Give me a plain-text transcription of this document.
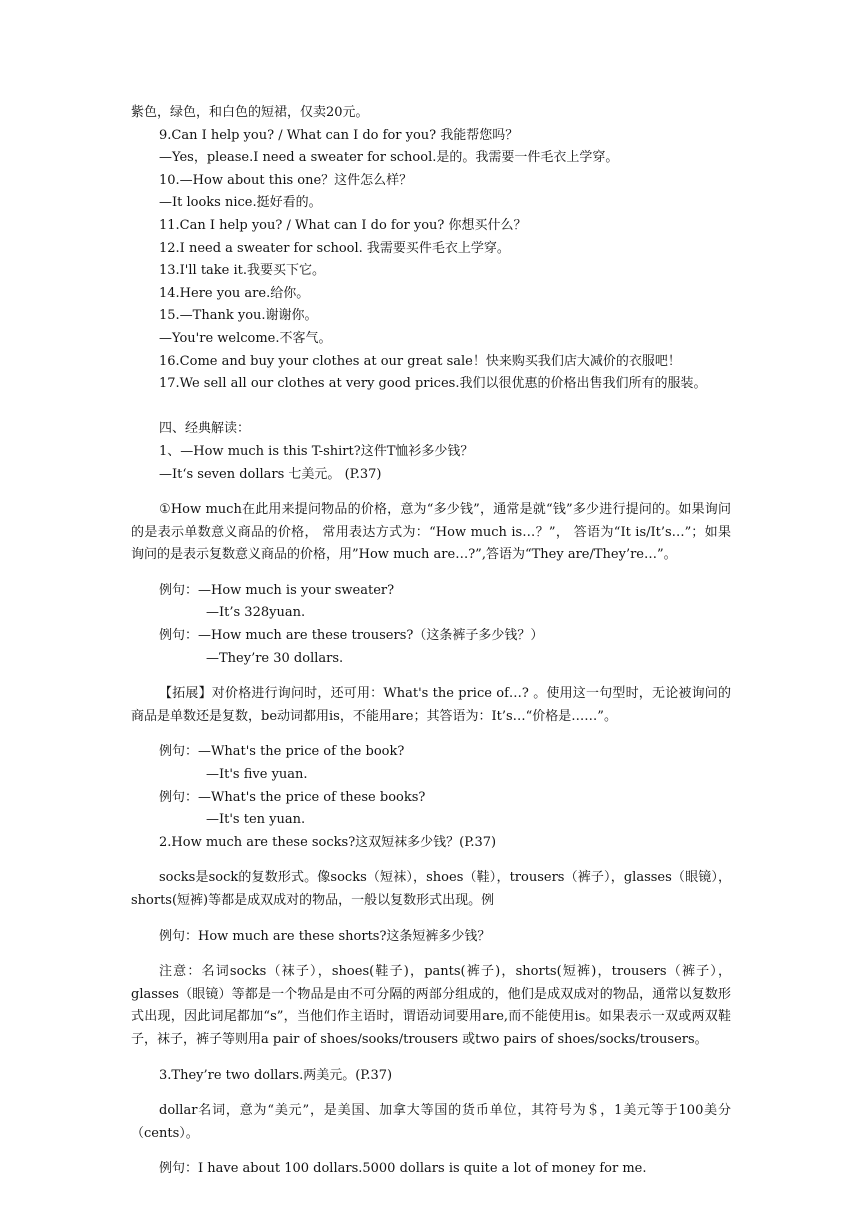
紫色，绿色，和白色的短裙，仅卖20元。

9.Can I help you? / What can I do for you? 我能帮您吗？

—Yes，please.I need a sweater for school.是的。我需要一件毛衣上学穿。

10.—How about this one？这件怎么样？

—It looks nice.挺好看的。

11.Can I help you? / What can I do for you? 你想买什么？

12.I need a sweater for school. 我需要买件毛衣上学穿。

13.I'll take it.我要买下它。

14.Here you are.给你。

15.—Thank you.谢谢你。

—You're welcome.不客气。

16.Come and buy your clothes at our great sale！快来购买我们店大减价的衣服吧！

17.We sell all our clothes at very good prices.我们以很优惠的价格出售我们所有的服装。

四、经典解读：

1、—How much is this T-shirt?这件T恤衫多少钱？

—It‘s seven dollars 七美元。 (P.37)

①How much在此用来提问物品的价格，意为“多少钱”，通常是就“钱”多少进行提问的。如果询问的是表示单数意义商品的价格， 常用表达方式为：“How much is…？”， 答语为“It is/It’s…”；如果询问的是表示复数意义商品的价格，用”How much are…?”,答语为“They are/They’re…”。

例句：—How much is your sweater?

—It’s 328yuan.

例句：—How much are these trousers?（这条裤子多少钱？）

—They’re 30 dollars.

【拓展】对价格进行询问时，还可用：What's the price of…? 。使用这一句型时，无论被询问的商品是单数还是复数，be动词都用is，不能用are；其答语为：It’s…“价格是……”。

例句：—What's the price of the book?

—It's five yuan.

例句：—What's the price of these books?

—It's ten yuan.

2.How much are these socks?这双短袜多少钱？(P.37)

socks是sock的复数形式。像socks（短袜），shoes（鞋），trousers（裤子），glasses（眼镜），shorts(短裤)等都是成双成对的物品，一般以复数形式出现。例

例句：How much are these shorts?这条短裤多少钱？

注意：名词socks（袜子），shoes(鞋子)，pants(裤子)，shorts(短裤)，trousers（裤子），glasses（眼镜）等都是一个物品是由不可分隔的两部分组成的，他们是成双成对的物品，通常以复数形式出现，因此词尾都加“s”，当他们作主语时，谓语动词要用are,而不能使用is。如果表示一双或两双鞋子，袜子，裤子等则用a pair of shoes/sooks/trousers 或two pairs of shoes/socks/trousers。

3.They’re two dollars.两美元。(P.37)

dollar名词，意为“美元”，是美国、加拿大等国的货币单位，其符号为＄，1美元等于100美分（cents）。

例句：I have about 100 dollars.5000 dollars is quite a lot of money for me.
